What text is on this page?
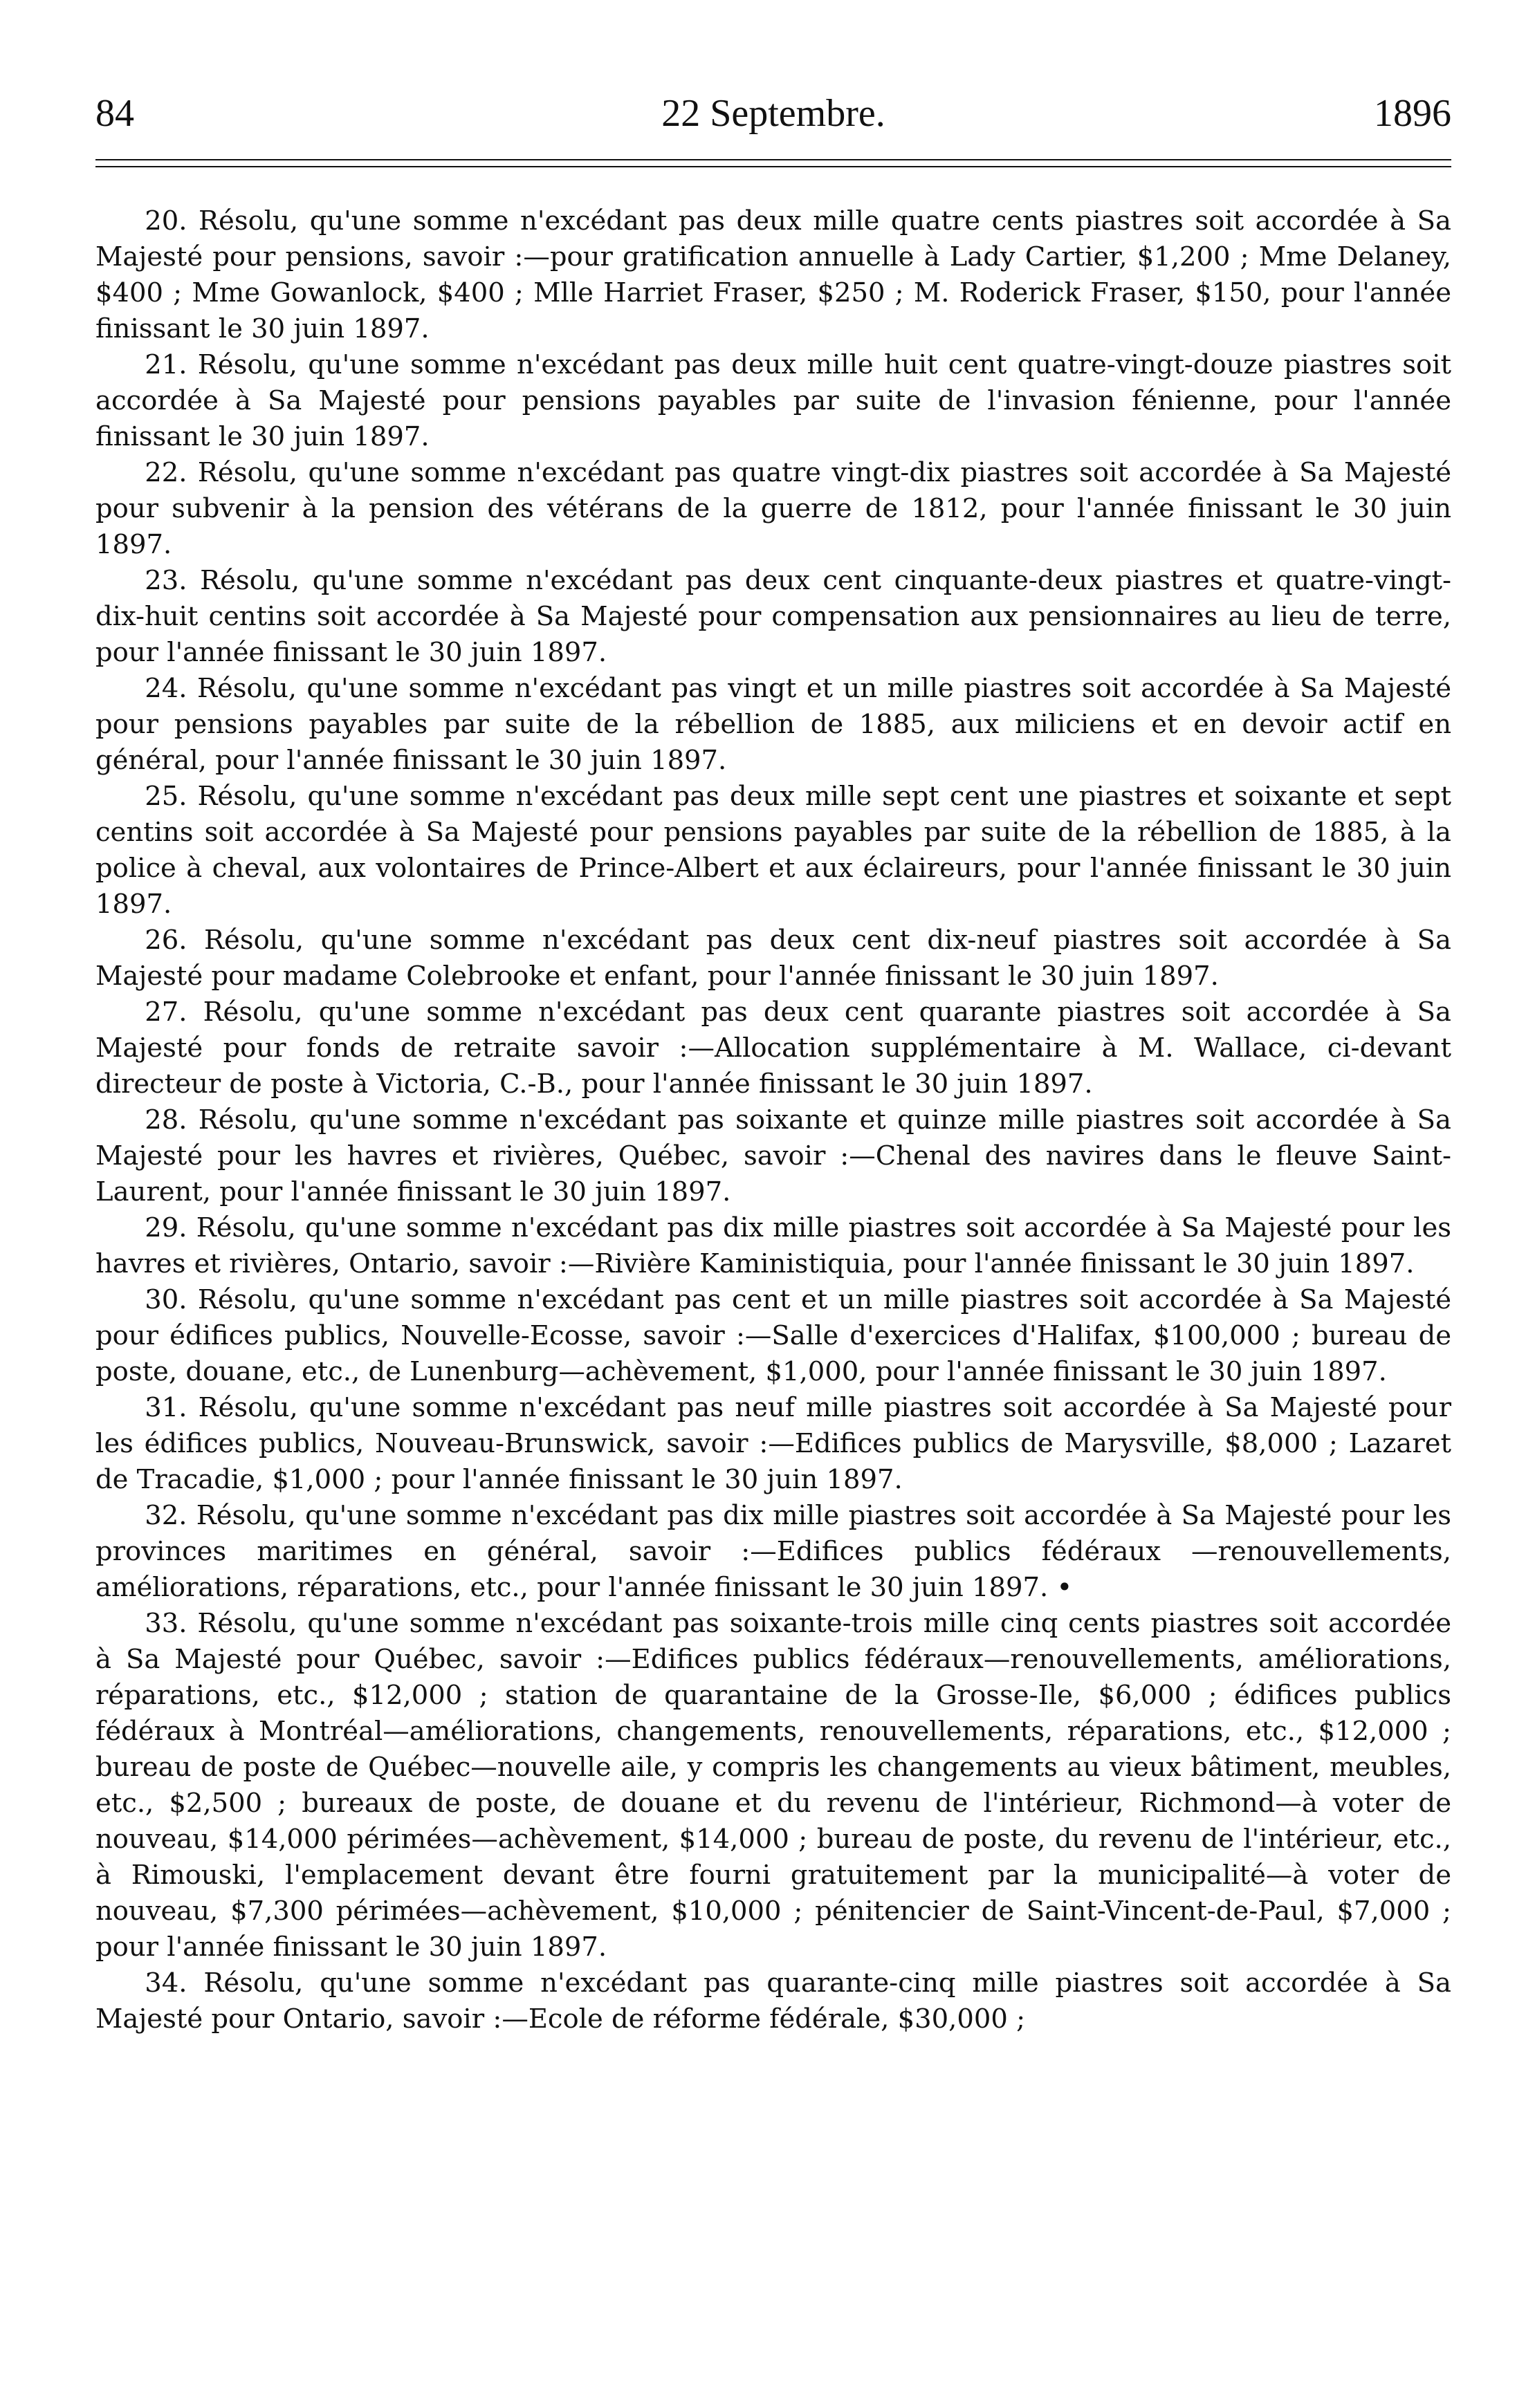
84	22 Septembre.	1896

20. Résolu, qu'une somme n'excédant pas deux mille quatre cents piastres soit accordée à Sa Majesté pour pensions, savoir :—pour gratification annuelle à Lady Cartier, $1,200 ; Mme Delaney, $400 ; Mme Gowanlock, $400 ; Mlle Harriet Fraser, $250 ; M. Roderick Fraser, $150, pour l'année finissant le 30 juin 1897.

21. Résolu, qu'une somme n'excédant pas deux mille huit cent quatre-vingt-douze piastres soit accordée à Sa Majesté pour pensions payables par suite de l'invasion fénienne, pour l'année finissant le 30 juin 1897.

22. Résolu, qu'une somme n'excédant pas quatre vingt-dix piastres soit accordée à Sa Majesté pour subvenir à la pension des vétérans de la guerre de 1812, pour l'année finissant le 30 juin 1897.

23. Résolu, qu'une somme n'excédant pas deux cent cinquante-deux piastres et quatre-vingt-dix-huit centins soit accordée à Sa Majesté pour compensation aux pensionnaires au lieu de terre, pour l'année finissant le 30 juin 1897.

24. Résolu, qu'une somme n'excédant pas vingt et un mille piastres soit accordée à Sa Majesté pour pensions payables par suite de la rébellion de 1885, aux miliciens et en devoir actif en général, pour l'année finissant le 30 juin 1897.

25. Résolu, qu'une somme n'excédant pas deux mille sept cent une piastres et soixante et sept centins soit accordée à Sa Majesté pour pensions payables par suite de la rébellion de 1885, à la police à cheval, aux volontaires de Prince-Albert et aux éclaireurs, pour l'année finissant le 30 juin 1897.

26. Résolu, qu'une somme n'excédant pas deux cent dix-neuf piastres soit accordée à Sa Majesté pour madame Colebrooke et enfant, pour l'année finissant le 30 juin 1897.

27. Résolu, qu'une somme n'excédant pas deux cent quarante piastres soit accordée à Sa Majesté pour fonds de retraite savoir :—Allocation supplémentaire à M. Wallace, ci-devant directeur de poste à Victoria, C.-B., pour l'année finissant le 30 juin 1897.

28. Résolu, qu'une somme n'excédant pas soixante et quinze mille piastres soit accordée à Sa Majesté pour les havres et rivières, Québec, savoir :—Chenal des navires dans le fleuve Saint-Laurent, pour l'année finissant le 30 juin 1897.

29. Résolu, qu'une somme n'excédant pas dix mille piastres soit accordée à Sa Majesté pour les havres et rivières, Ontario, savoir :—Rivière Kaministiquia, pour l'année finissant le 30 juin 1897.

30. Résolu, qu'une somme n'excédant pas cent et un mille piastres soit accordée à Sa Majesté pour édifices publics, Nouvelle-Ecosse, savoir :—Salle d'exercices d'Halifax, $100,000 ; bureau de poste, douane, etc., de Lunenburg—achèvement, $1,000, pour l'année finissant le 30 juin 1897.

31. Résolu, qu'une somme n'excédant pas neuf mille piastres soit accordée à Sa Majesté pour les édifices publics, Nouveau-Brunswick, savoir :—Edifices publics de Marysville, $8,000 ; Lazaret de Tracadie, $1,000 ; pour l'année finissant le 30 juin 1897.

32. Résolu, qu'une somme n'excédant pas dix mille piastres soit accordée à Sa Majesté pour les provinces maritimes en général, savoir :—Edifices publics fédéraux —renouvellements, améliorations, réparations, etc., pour l'année finissant le 30 juin 1897. •

33. Résolu, qu'une somme n'excédant pas soixante-trois mille cinq cents piastres soit accordée à Sa Majesté pour Québec, savoir :—Edifices publics fédéraux—renouvellements, améliorations, réparations, etc., $12,000 ; station de quarantaine de la Grosse-Ile, $6,000 ; édifices publics fédéraux à Montréal—améliorations, changements, renouvellements, réparations, etc., $12,000 ; bureau de poste de Québec—nouvelle aile, y compris les changements au vieux bâtiment, meubles, etc., $2,500 ; bureaux de poste, de douane et du revenu de l'intérieur, Richmond—à voter de nouveau, $14,000 périmées—achèvement, $14,000 ; bureau de poste, du revenu de l'intérieur, etc., à Rimouski, l'emplacement devant être fourni gratuitement par la municipalité—à voter de nouveau, $7,300 périmées—achèvement, $10,000 ; pénitencier de Saint-Vincent-de-Paul, $7,000 ; pour l'année finissant le 30 juin 1897.

34. Résolu, qu'une somme n'excédant pas quarante-cinq mille piastres soit accordée à Sa Majesté pour Ontario, savoir :—Ecole de réforme fédérale, $30,000 ;
